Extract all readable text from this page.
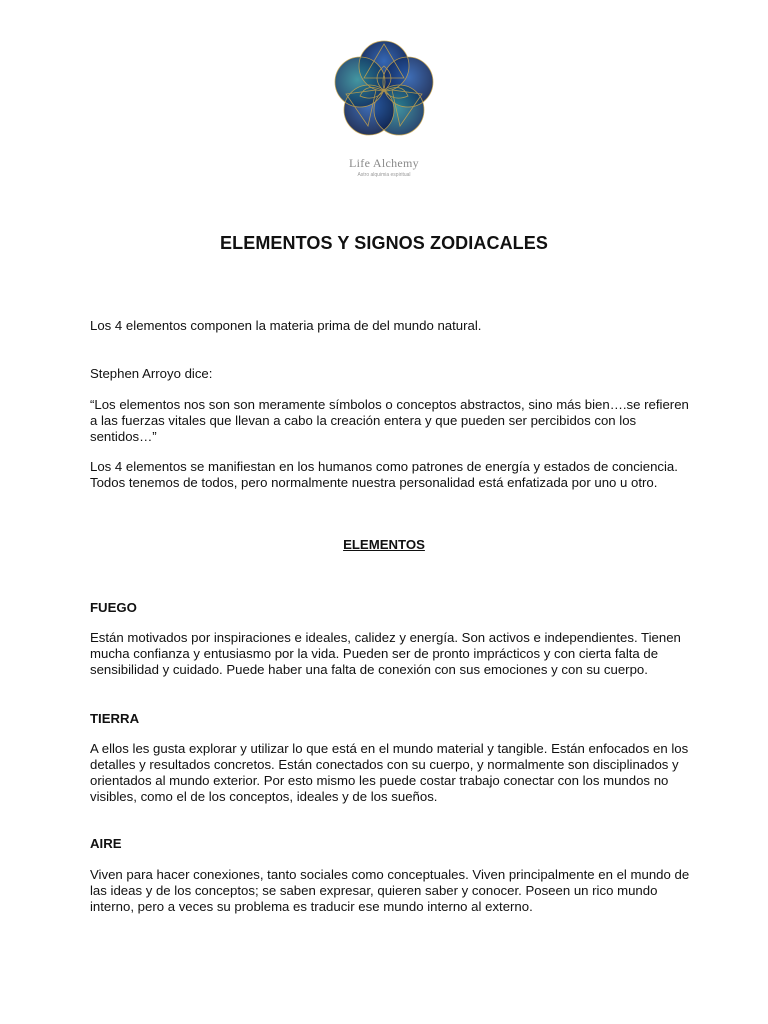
Life Alchemy
Astro alquimia espiritual
ELEMENTOS Y SIGNOS ZODIACALES

Los 4 elementos componen la materia prima de del mundo natural.

Stephen Arroyo dice:

“Los elementos nos son son meramente símbolos o conceptos abstractos, sino más bien….se refieren a las fuerzas vitales que llevan a cabo la creación entera y que pueden ser percibidos con los sentidos…”

Los 4 elementos se manifiestan en los humanos como patrones de energía y estados de conciencia. Todos tenemos de todos, pero normalmente nuestra personalidad está enfatizada por uno u otro.

ELEMENTOS
FUEGO

Están motivados por inspiraciones e ideales, calidez y energía. Son activos e independientes. Tienen mucha confianza y entusiasmo por la vida. Pueden ser de pronto imprácticos y con cierta falta de sensibilidad y cuidado. Puede haber una falta de conexión con sus emociones y con su cuerpo.

TIERRA

A ellos les gusta explorar y utilizar lo que está en el mundo material y tangible. Están enfocados en los detalles y resultados concretos. Están conectados con su cuerpo, y normalmente son disciplinados y orientados al mundo exterior. Por esto mismo les puede costar trabajo conectar con los mundos no visibles, como el de los conceptos, ideales y de los sueños.

AIRE

Viven para hacer conexiones, tanto sociales como conceptuales. Viven principalmente en el mundo de las ideas y de los conceptos; se saben expresar, quieren saber y conocer. Poseen un rico mundo interno, pero a veces su problema es traducir ese mundo interno al externo.
